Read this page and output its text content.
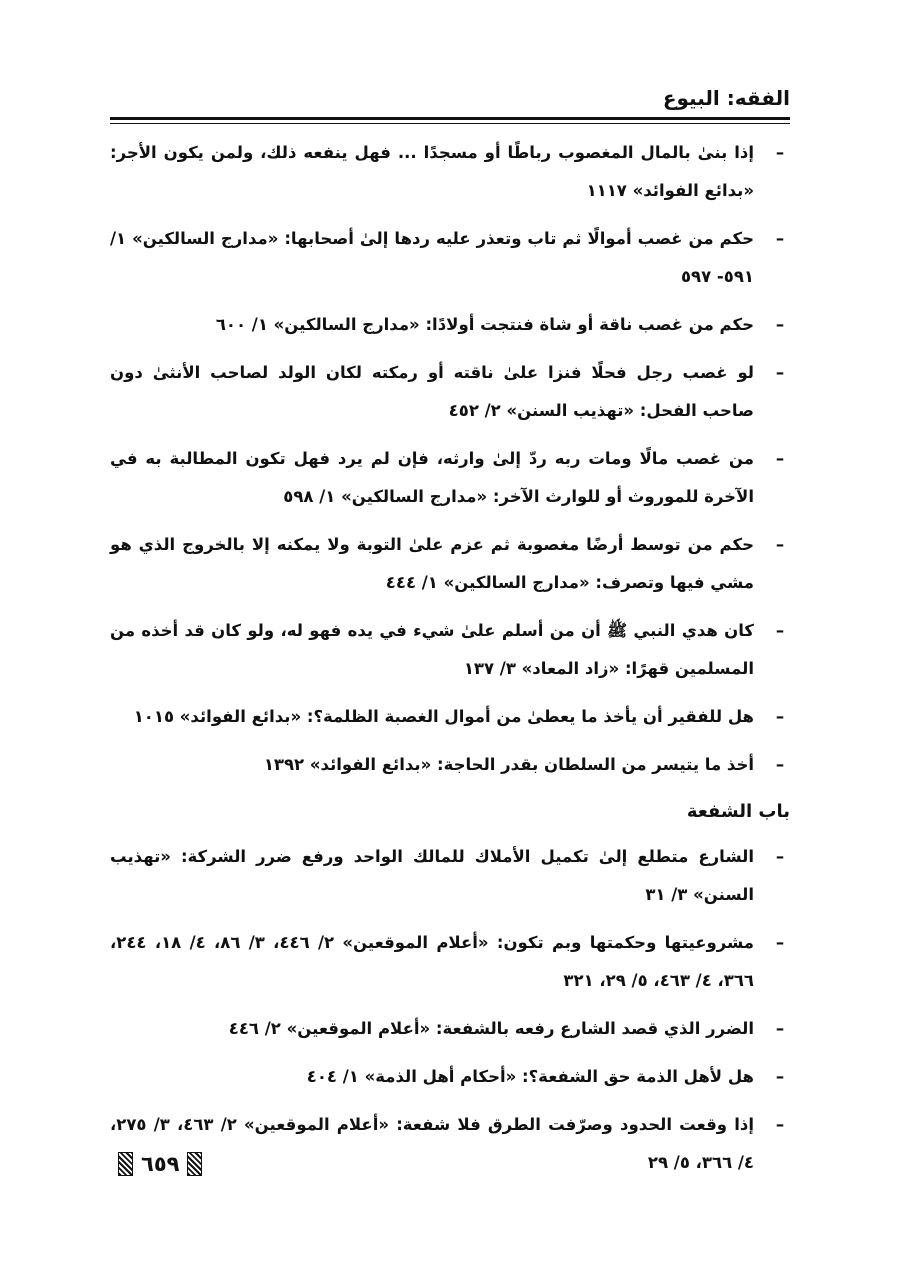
الفقه: البيوع
–
إذا بنىٰ بالمال المغصوب رباطًا أو مسجدًا ... فهل ينفعه ذلك، ولمن يكون الأجر: «بدائع الفوائد» ١١١٧
–
حكم من غصب أموالًا ثم تاب وتعذر عليه ردها إلىٰ أصحابها: «مدارج السالكين» ١/ ٥٩١- ٥٩٧
–
حكم من غصب ناقة أو شاة فنتجت أولادًا: «مدارج السالكين» ١/ ٦٠٠
–
لو غصب رجل فحلًا فنزا علىٰ ناقته أو رمكته لكان الولد لصاحب الأنثىٰ دون صاحب الفحل: «تهذيب السنن» ٢/ ٤٥٢
–
من غصب مالًا ومات ربه ردّ إلىٰ وارثه، فإن لم يرد فهل تكون المطالبة به في الآخرة للموروث أو للوارث الآخر: «مدارج السالكين» ١/ ٥٩٨
–
حكم من توسط أرضًا مغصوبة ثم عزم علىٰ التوبة ولا يمكنه إلا بالخروج الذي هو مشي فيها وتصرف: «مدارج السالكين» ١/ ٤٤٤
–
كان هدي النبي ﷺ أن من أسلم علىٰ شيء في يده فهو له، ولو كان قد أخذه من المسلمين قهرًا: «زاد المعاد» ٣/ ١٣٧
–
هل للفقير أن يأخذ ما يعطىٰ من أموال الغصبة الظلمة؟: «بدائع الفوائد» ١٠١٥
–
أخذ ما يتيسر من السلطان بقدر الحاجة: «بدائع الفوائد» ١٣٩٢
باب الشفعة
–
الشارع متطلع إلىٰ تكميل الأملاك للمالك الواحد ورفع ضرر الشركة: «تهذيب السنن» ٣/ ٣١
–
مشروعيتها وحكمتها وبم تكون: «أعلام الموقعين» ٢/ ٤٤٦، ٣/ ٨٦، ٤/ ١٨، ٢٤٤، ٣٦٦، ٤/ ٤٦٣، ٥/ ٢٩، ٣٢١
–
الضرر الذي قصد الشارع رفعه بالشفعة: «أعلام الموقعين» ٢/ ٤٤٦
–
هل لأهل الذمة حق الشفعة؟: «أحكام أهل الذمة» ١/ ٤٠٤
–
إذا وقعت الحدود وصرّفت الطرق فلا شفعة: «أعلام الموقعين» ٢/ ٤٦٣، ٣/ ٢٧٥، ٤/ ٣٦٦، ٥/ ٢٩
٦٥٩
